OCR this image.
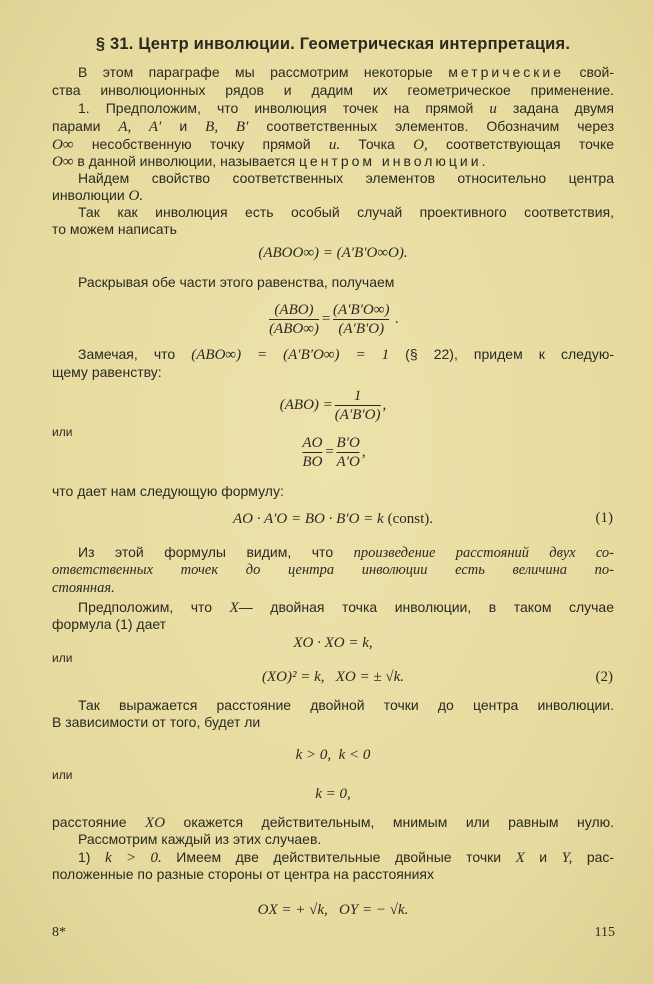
§ 31. Центр инволюции. Геометрическая интерпретация.
В этом параграфе мы рассмотрим некоторые метрические свой-
ства инволюционных рядов и дадим их геометрическое применение.
1. Предположим, что инволюция точек на прямой u задана двумя
парами A, A′ и B, B′ соответственных элементов. Обозначим через
O∞ несобственную точку прямой u. Точка O, соответствующая точке
O∞ в данной инволюции, называется центром инволюции.
Найдем свойство соответственных элементов относительно центра
инволюции O.
Так как инволюция есть особый случай проективного соответствия,
то можем написать
(ABOO∞) = (A′B′O∞O).
Раскрывая обе части этого равенства, получаем
$\frac{\text{(ABO)}}{\text{(ABO∞)}} = \frac{(A'B'O\infty)}{(A'B'O)}$ .
Замечая, что (ABO∞) = (A′B′O∞) = 1 (§ 22), придем к следую-
щему равенству:
$(ABO) = \frac{1}{(A'B'O)}$ ,
или
$\frac{AO}{BO} = \frac{B'O}{A'O}$ ,
что дает нам следующую формулу:
AO · A′O = BO · B′O = k (const).	(1)
Из этой формулы видим, что произведение расстояний двух со-
ответственных точек до центра инволюции есть величина по-
стоянная.
Предположим, что X— двойная точка инволюции, в таком случае
формула (1) дает
XO · XO = k,
или
(XO)² = k,   XO = ± √k.	(2)
Так выражается расстояние двойной точки до центра инволюции.
В зависимости от того, будет ли
k > 0,  k < 0
или
k = 0,
расстояние XO окажется действительным, мнимым или равным нулю.
Рассмотрим каждый из этих случаев.
1) k > 0. Имеем две действительные двойные точки X и Y, рас-
положенные по разные стороны от центра на расстояниях
OX = + √k,   OY = − √k.
8*	115
